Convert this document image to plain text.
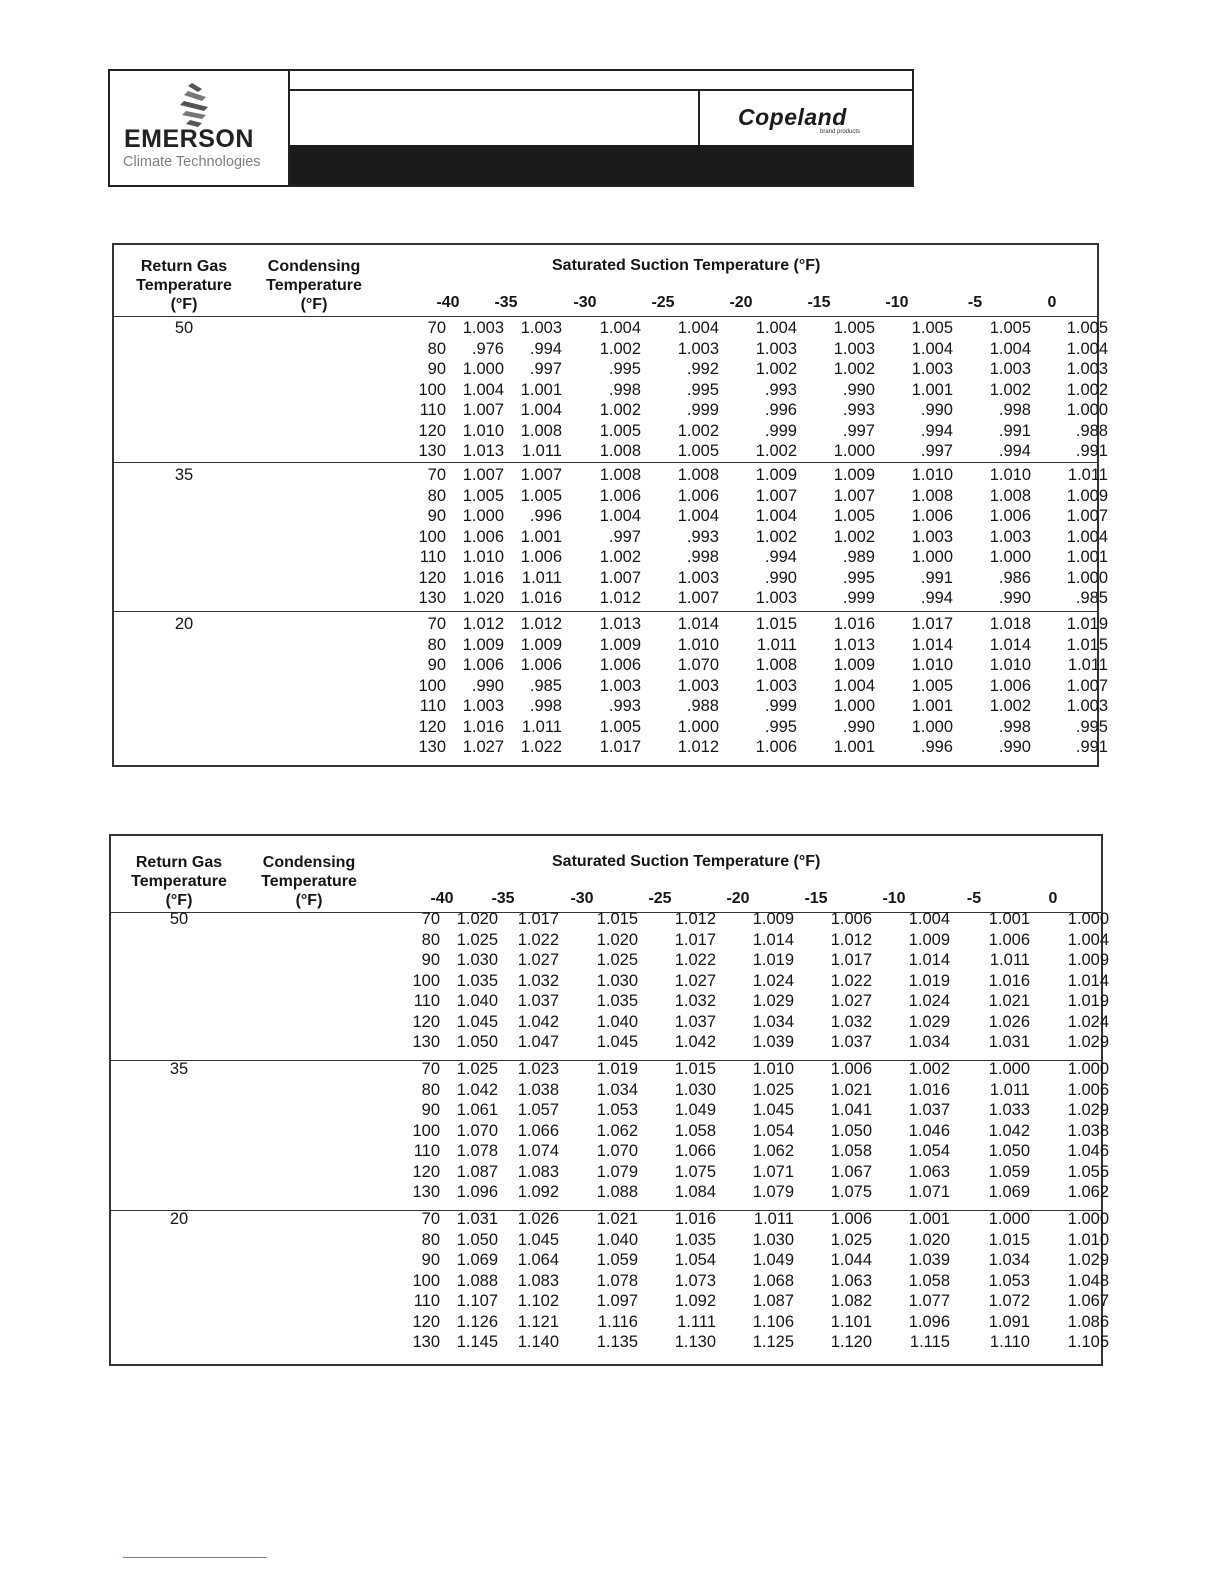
EMERSON
Climate Technologies
Copeland
brand products
Return Gas
Temperature
(°F)
Condensing
Temperature
(°F)
Saturated Suction Temperature (°F)
-40	-35	-30	-25	-20	-15	-10	-5	0
50	70 1.003 1.003 1.004 1.004 1.004 1.005 1.005 1.005 1.005
80	.976	.994 1.002 1.003 1.003 1.003 1.004 1.004 1.004
90 1.000	.997	.995	.992 1.002 1.002 1.003 1.003 1.003
100 1.004 1.001	.998	.995	.993	.990 1.001 1.002 1.002
110 1.007 1.004 1.002	.999	.996	.993	.990	.998 1.000
120 1.010 1.008 1.005 1.002	.999	.997	.994	.991	.988
130 1.013 1.011 1.008 1.005 1.002 1.000	.997	.994	.991
35	70 1.007 1.007 1.008 1.008 1.009 1.009 1.010 1.010 1.011
80 1.005 1.005 1.006 1.006 1.007 1.007 1.008 1.008 1.009
90 1.000	.996 1.004 1.004 1.004 1.005 1.006 1.006 1.007
100 1.006 1.001	.997	.993 1.002 1.002 1.003 1.003 1.004
110 1.010 1.006 1.002	.998	.994	.989 1.000 1.000 1.001
120 1.016 1.011 1.007 1.003	.990	.995	.991	.986 1.000
130 1.020 1.016 1.012 1.007 1.003	.999	.994	.990	.985
20	70 1.012 1.012 1.013 1.014 1.015 1.016 1.017 1.018 1.019
80 1.009 1.009 1.009 1.010 1.011 1.013 1.014 1.014 1.015
90 1.006 1.006 1.006 1.070 1.008 1.009 1.010 1.010 1.011
100	.990	.985 1.003 1.003 1.003 1.004 1.005 1.006 1.007
110 1.003	.998	.993	.988	.999 1.000 1.001 1.002 1.003
120 1.016 1.011 1.005 1.000	.995	.990 1.000	.998	.995
130 1.027 1.022 1.017 1.012 1.006 1.001	.996	.990	.991
Return Gas
Temperature
(°F)
Condensing
Temperature
(°F)
Saturated Suction Temperature (°F)
-40	-35	-30	-25	-20	-15	-10	-5	0
50	70 1.020 1.017 1.015 1.012 1.009 1.006 1.004 1.001 1.000
80 1.025 1.022 1.020 1.017 1.014 1.012 1.009 1.006 1.004
90 1.030 1.027 1.025 1.022 1.019 1.017 1.014 1.011 1.009
100 1.035 1.032 1.030 1.027 1.024 1.022 1.019 1.016 1.014
110 1.040 1.037 1.035 1.032 1.029 1.027 1.024 1.021 1.019
120 1.045 1.042 1.040 1.037 1.034 1.032 1.029 1.026 1.024
130 1.050 1.047 1.045 1.042 1.039 1.037 1.034 1.031 1.029
35	70 1.025 1.023 1.019 1.015 1.010 1.006 1.002 1.000 1.000
80 1.042 1.038 1.034 1.030 1.025 1.021 1.016 1.011 1.006
90 1.061 1.057 1.053 1.049 1.045 1.041 1.037 1.033 1.029
100 1.070 1.066 1.062 1.058 1.054 1.050 1.046 1.042 1.038
110 1.078 1.074 1.070 1.066 1.062 1.058 1.054 1.050 1.046
120 1.087 1.083 1.079 1.075 1.071 1.067 1.063 1.059 1.055
130 1.096 1.092 1.088 1.084 1.079 1.075 1.071 1.069 1.062
20	70 1.031 1.026 1.021 1.016 1.011 1.006 1.001 1.000 1.000
80 1.050 1.045 1.040 1.035 1.030 1.025 1.020 1.015 1.010
90 1.069 1.064 1.059 1.054 1.049 1.044 1.039 1.034 1.029
100 1.088 1.083 1.078 1.073 1.068 1.063 1.058 1.053 1.048
110 1.107 1.102 1.097 1.092 1.087 1.082 1.077 1.072 1.067
120 1.126 1.121 1.116	1.111 1.106 1.101 1.096 1.091 1.086
130 1.145 1.140 1.135 1.130 1.125 1.120 1.115 1.110 1.105
